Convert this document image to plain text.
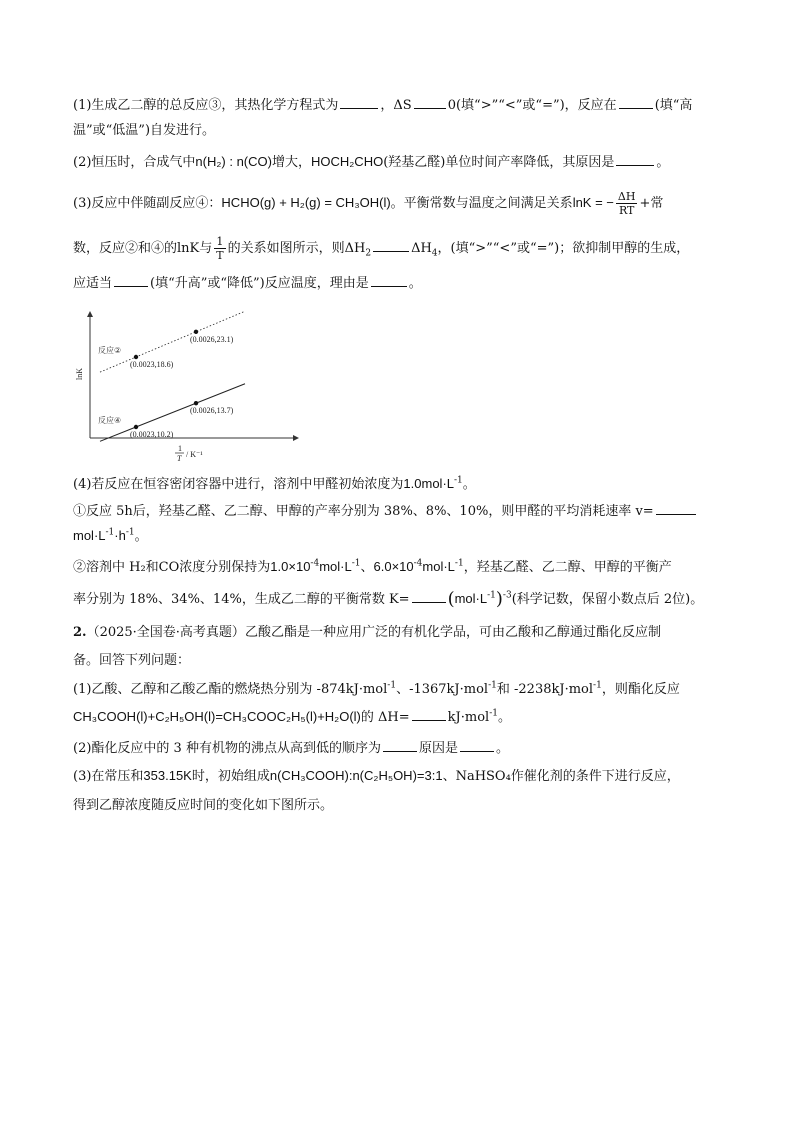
(1)生成乙二醇的总反应③，其热化学方程式为	，ΔS	0(填“>”“<”或“=”)，反应在	(填“高
温”或“低温”)自发进行。
(2)恒压时，合成气中n(H₂) : n(CO)增大，HOCH₂CHO(羟基乙醛)单位时间产率降低，其原因是	。
(3)反应中伴随副反应④：HCHO(g) + H₂(g) = CH₃OH(l)。平衡常数与温度之间满足关系lnK = − $\frac{\Delta H}{RT}$ +常
数，反应②和④的lnK与 $\frac{1}{T}$ 的关系如图所示，则$\Delta H_2$	$\Delta H_4$，(填“>”“<”或“=”)；欲抑制甲醇的生成，
应适当	(填“升高”或“降低”)反应温度，理由是	。
lnK
反应②
(0.0023,18.6)
(0.0026,23.1)
反应④
(0.0023,10.2)
(0.0026,13.7)
1
T / K⁻¹
(4)若反应在恒容密闭容器中进行，溶剂中甲醛初始浓度为$1.0mol\cdot L^{-1}$。
①反应 5h后，羟基乙醛、乙二醇、甲醇的产率分别为 38%、8%、10%，则甲醛的平均消耗速率 v=
$mol\cdot L^{-1}\cdot h^{-1}$。
②溶剂中 H₂和CO浓度分别保持为$1.0\times 10^{-4}mol\cdot L^{-1}$、$6.0\times 10^{-4}mol\cdot L^{-1}$，羟基乙醛、乙二醇、甲醇的平衡产
率分别为 18%、34%、14%，生成乙二醇的平衡常数 $K= (mol\cdot L^{-1})^{-3}$(科学记数，保留小数点后 2位)。
2.（2025·全国卷·高考真题）乙酸乙酯是一种应用广泛的有机化学品，可由乙酸和乙醇通过酯化反应制
备。回答下列问题：
(1)乙酸、乙醇和乙酸乙酯的燃烧热分别为 -874kJ·mol$^{-1}$、-1367kJ·mol$^{-1}$和 -2238kJ·mol$^{-1}$，则酯化反应
CH₃COOH(l)+C₂H₅OH(l)=CH₃COOC₂H₅(l)+H₂O(l)的 ΔH=	kJ·mol$^{-1}$。
(2)酯化反应中的 3 种有机物的沸点从高到低的顺序为	原因是	。
(3)在常压和353.15K时，初始组成n(CH₃COOH):n(C₂H₅OH)=3:1、NaHSO₄作催化剂的条件下进行反应，
得到乙醇浓度随反应时间的变化如下图所示。
